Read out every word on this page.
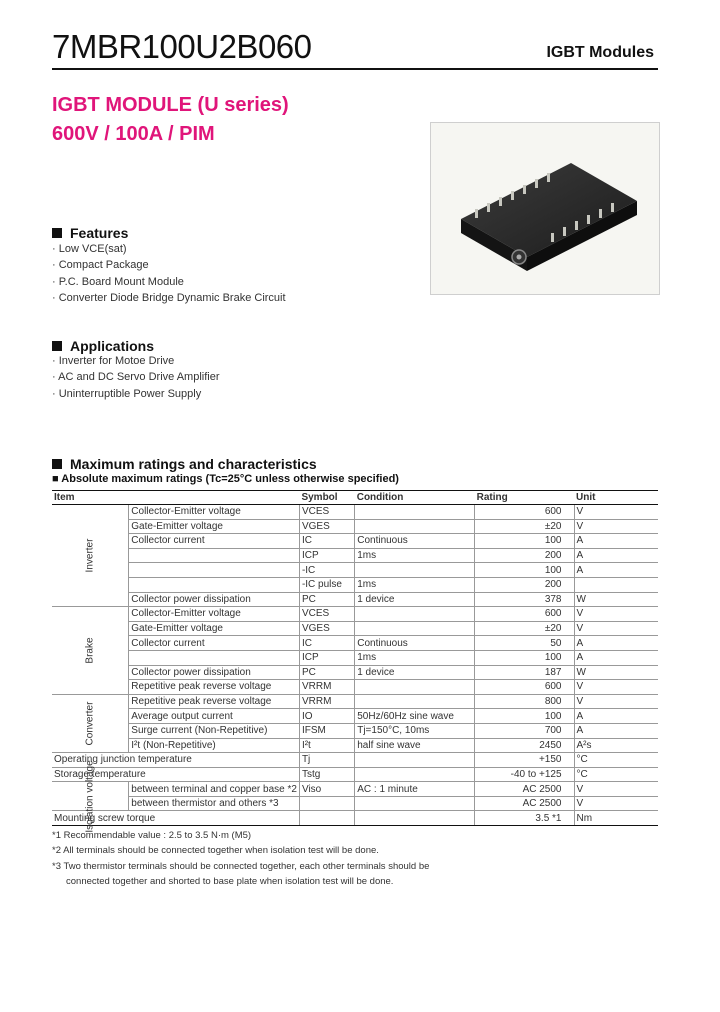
7MBR100U2B060	IGBT Modules
IGBT MODULE (U series)
600V / 100A / PIM
Features
· Low VCE(sat)
· Compact Package
· P.C. Board Mount Module
· Converter Diode Bridge Dynamic Brake Circuit
Applications
· Inverter for Motoe Drive
· AC and DC Servo Drive Amplifier
· Uninterruptible Power Supply
Maximum ratings and characteristics
■ Absolute maximum ratings (Tc=25°C unless otherwise specified)
Item		Symbol	Condition	Rating	Unit
Inverter	Collector-Emitter voltage	VCES		600	V
	Gate-Emitter voltage	VGES		±20	V
	Collector current	IC	Continuous	100	A
		ICP	1ms	200	A
		-IC		100	A
		-IC pulse	1ms	200	
	Collector power dissipation	PC	1 device	378	W
Brake	Collector-Emitter voltage	VCES		600	V
	Gate-Emitter voltage	VGES		±20	V
	Collector current	IC	Continuous	50	A
		ICP	1ms	100	A
	Collector power dissipation	PC	1 device	187	W
	Repetitive peak reverse voltage	VRRM		600	V
Converter	Repetitive peak reverse voltage	VRRM		800	V
	Average output current	IO	50Hz/60Hz sine wave	100	A
	Surge current (Non-Repetitive)	IFSM	Tj=150°C, 10ms	700	A
	I²t (Non-Repetitive)	I²t	half sine wave	2450	A²s
Operating junction temperature		Tj		+150	°C
Storage temperature		Tstg		-40 to +125	°C
Isolation voltage	between terminal and copper base *2	Viso	AC : 1 minute	AC 2500	V
	between thermistor and others *3			AC 2500	V
Mounting screw torque				3.5 *1	Nm
*1 Recommendable value : 2.5 to 3.5 N·m (M5)
*2 All terminals should be connected together when isolation test will be done.
*3 Two thermistor terminals should be connected together, each other terminals should be
connected together and shorted to base plate when isolation test will be done.
